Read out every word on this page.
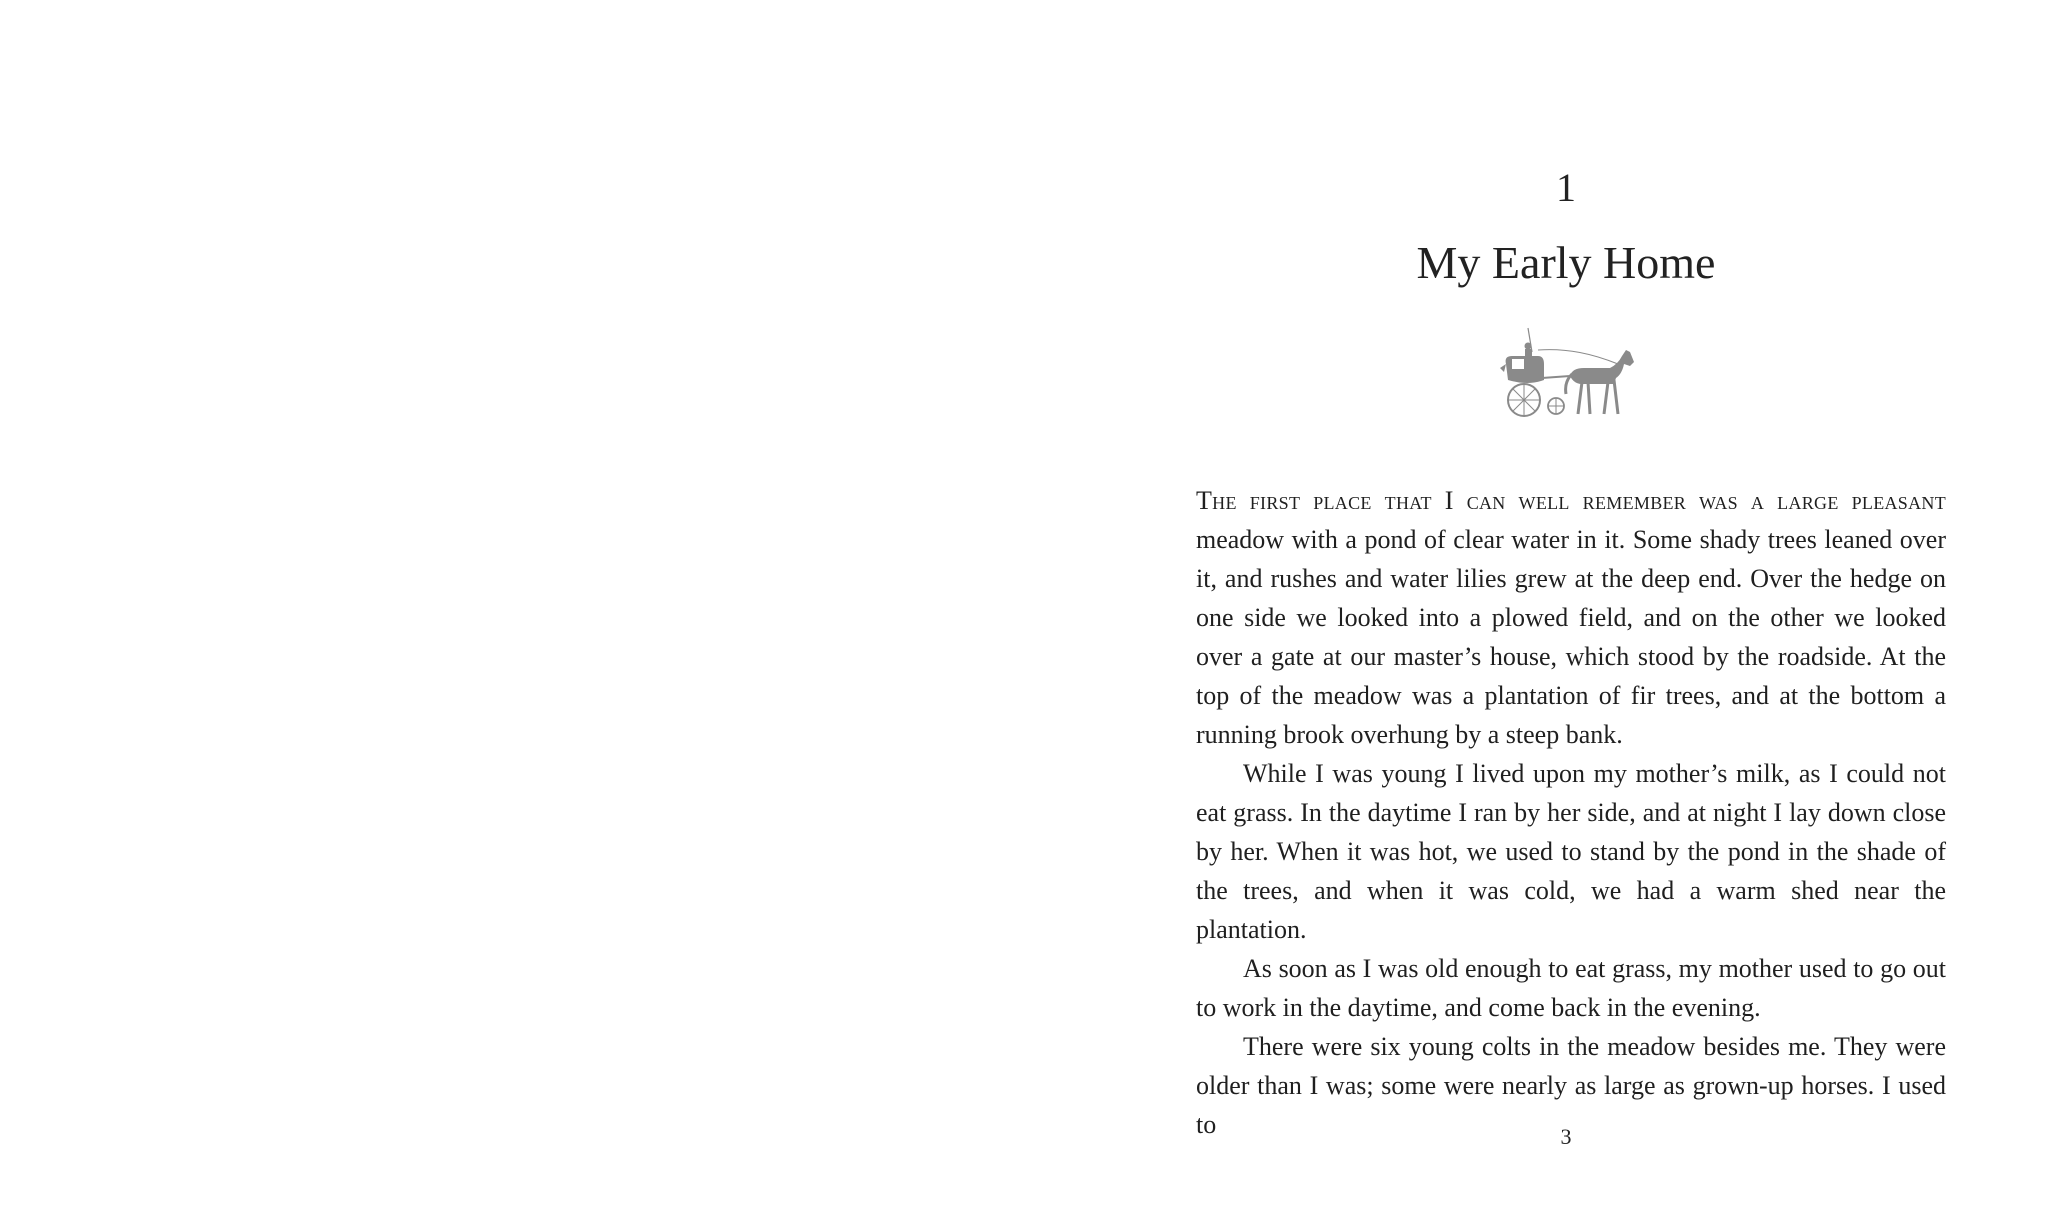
1
My Early Home

The first place that I can well remember was a large pleasant meadow with a pond of clear water in it. Some shady trees leaned over it, and rushes and water lilies grew at the deep end. Over the hedge on one side we looked into a plowed field, and on the other we looked over a gate at our master’s house, which stood by the roadside. At the top of the meadow was a plantation of fir trees, and at the bottom a running brook overhung by a steep bank.

While I was young I lived upon my mother’s milk, as I could not eat grass. In the daytime I ran by her side, and at night I lay down close by her. When it was hot, we used to stand by the pond in the shade of the trees, and when it was cold, we had a warm shed near the plantation.

As soon as I was old enough to eat grass, my mother used to go out to work in the daytime, and come back in the evening.

There were six young colts in the meadow besides me. They were older than I was; some were nearly as large as grown-up horses. I used to	3
